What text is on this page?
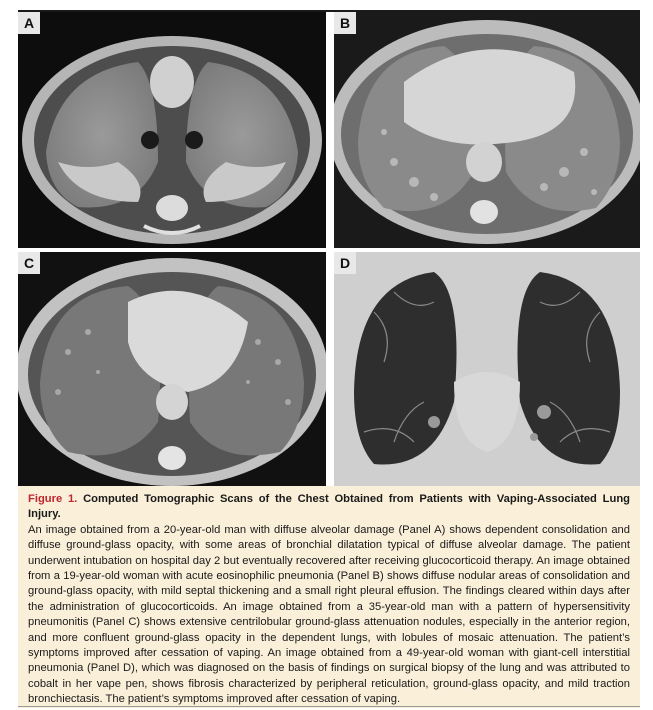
A	B
C	D
Figure 1. Computed Tomographic Scans of the Chest Obtained from Patients with Vaping-Associated Lung Injury.
An image obtained from a 20-year-old man with diffuse alveolar damage (Panel A) shows dependent consolidation and diffuse ground-glass opacity, with some areas of bronchial dilatation typical of diffuse alveolar damage. The patient underwent intubation on hospital day 2 but eventually recovered after receiving glucocorticoid therapy. An image obtained from a 19-year-old woman with acute eosinophilic pneumonia (Panel B) shows diffuse nodular areas of consolidation and ground-glass opacity, with mild septal thickening and a small right pleural effusion. The findings cleared within days after the administration of glucocorticoids. An image obtained from a 35-year-old man with a pattern of hypersensitivity pneumonitis (Panel C) shows extensive centrilobular ground-glass attenuation nodules, especially in the anterior region, and more confluent ground-glass opacity in the dependent lungs, with lobules of mosaic attenuation. The patient’s symptoms improved after cessation of vaping. An image obtained from a 49-year-old woman with giant-cell interstitial pneumonia (Panel D), which was diagnosed on the basis of findings on surgical biopsy of the lung and was attributed to cobalt in her vape pen, shows fibrosis characterized by peripheral reticulation, ground-glass opacity, and mild traction bronchiectasis. The patient’s symptoms improved after cessation of vaping.
